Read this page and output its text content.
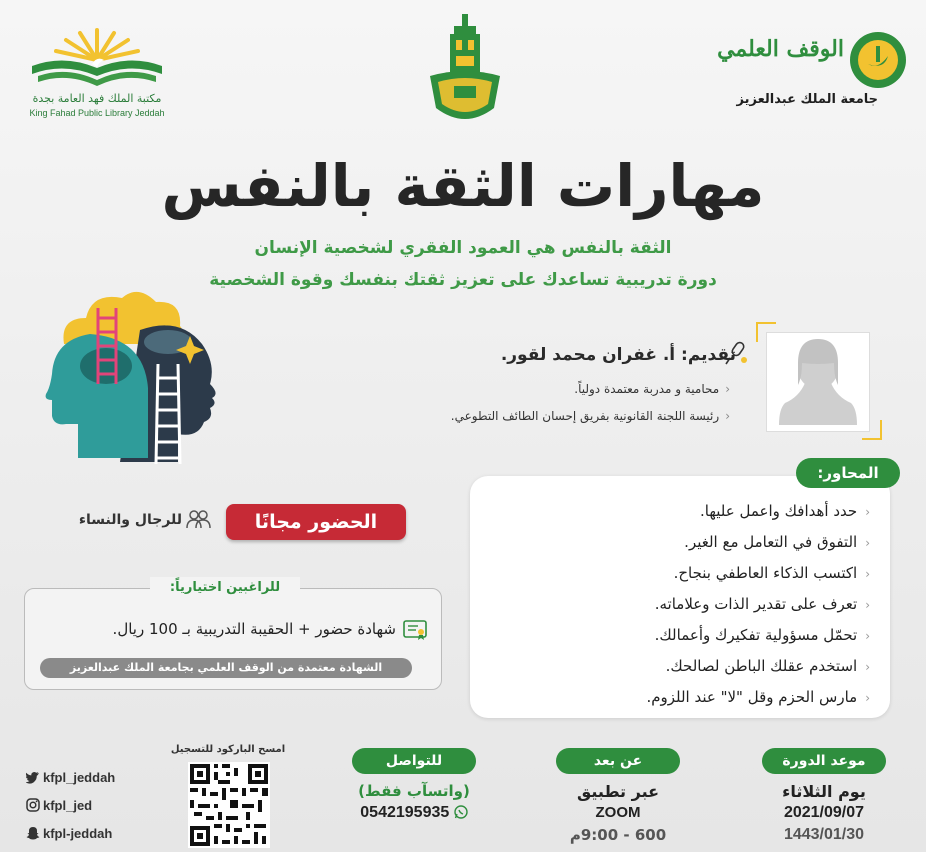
مكتبة الملك فهد العامة بجدة
King Fahad Public Library Jeddah
الوقف العلمي
جامعة الملك عبدالعزيز
مهارات الثقة بالنفس
الثقة بالنفس هي العمود الفقري لشخصية الإنسان
دورة تدريبية تساعدك على تعزيز ثقتك بنفسك وقوة الشخصية
تقديم: أ. غفران محمد لقور.
‹محامية و مدربة معتمدة دولياً.
‹رئيسة اللجنة القانونية بفريق إحسان الطائف التطوعي.
‹حدد أهدافك واعمل عليها.
‹التفوق في التعامل مع الغير.
‹اكتسب الذكاء العاطفي بنجاح.
‹تعرف على تقدير الذات وعلاماته.
‹تحمّل مسؤولية تفكيرك وأعمالك.
‹استخدم عقلك الباطن لصالحك.
‹مارس الحزم وقل "لا" عند اللزوم.
المحاور:
الحضور مجانًا
للرجال والنساء
للراغبين اختيارياً:
شهادة حضور + الحقيبة التدريبية بـ 100 ريال.
الشهادة معتمدة من الوقف العلمي بجامعة الملك عبدالعزيز
موعد الدورة
يوم الثلاثاء
2021/09/07
1443/01/30
عن بعد
عبر تطبيق
ZOOM
600 - 9:00م
للتواصل
(واتسآب فقط)
0542195935
kfpl_jeddah
kfpl_jed
kfpl-jeddah
امسح الباركود للتسجيل
